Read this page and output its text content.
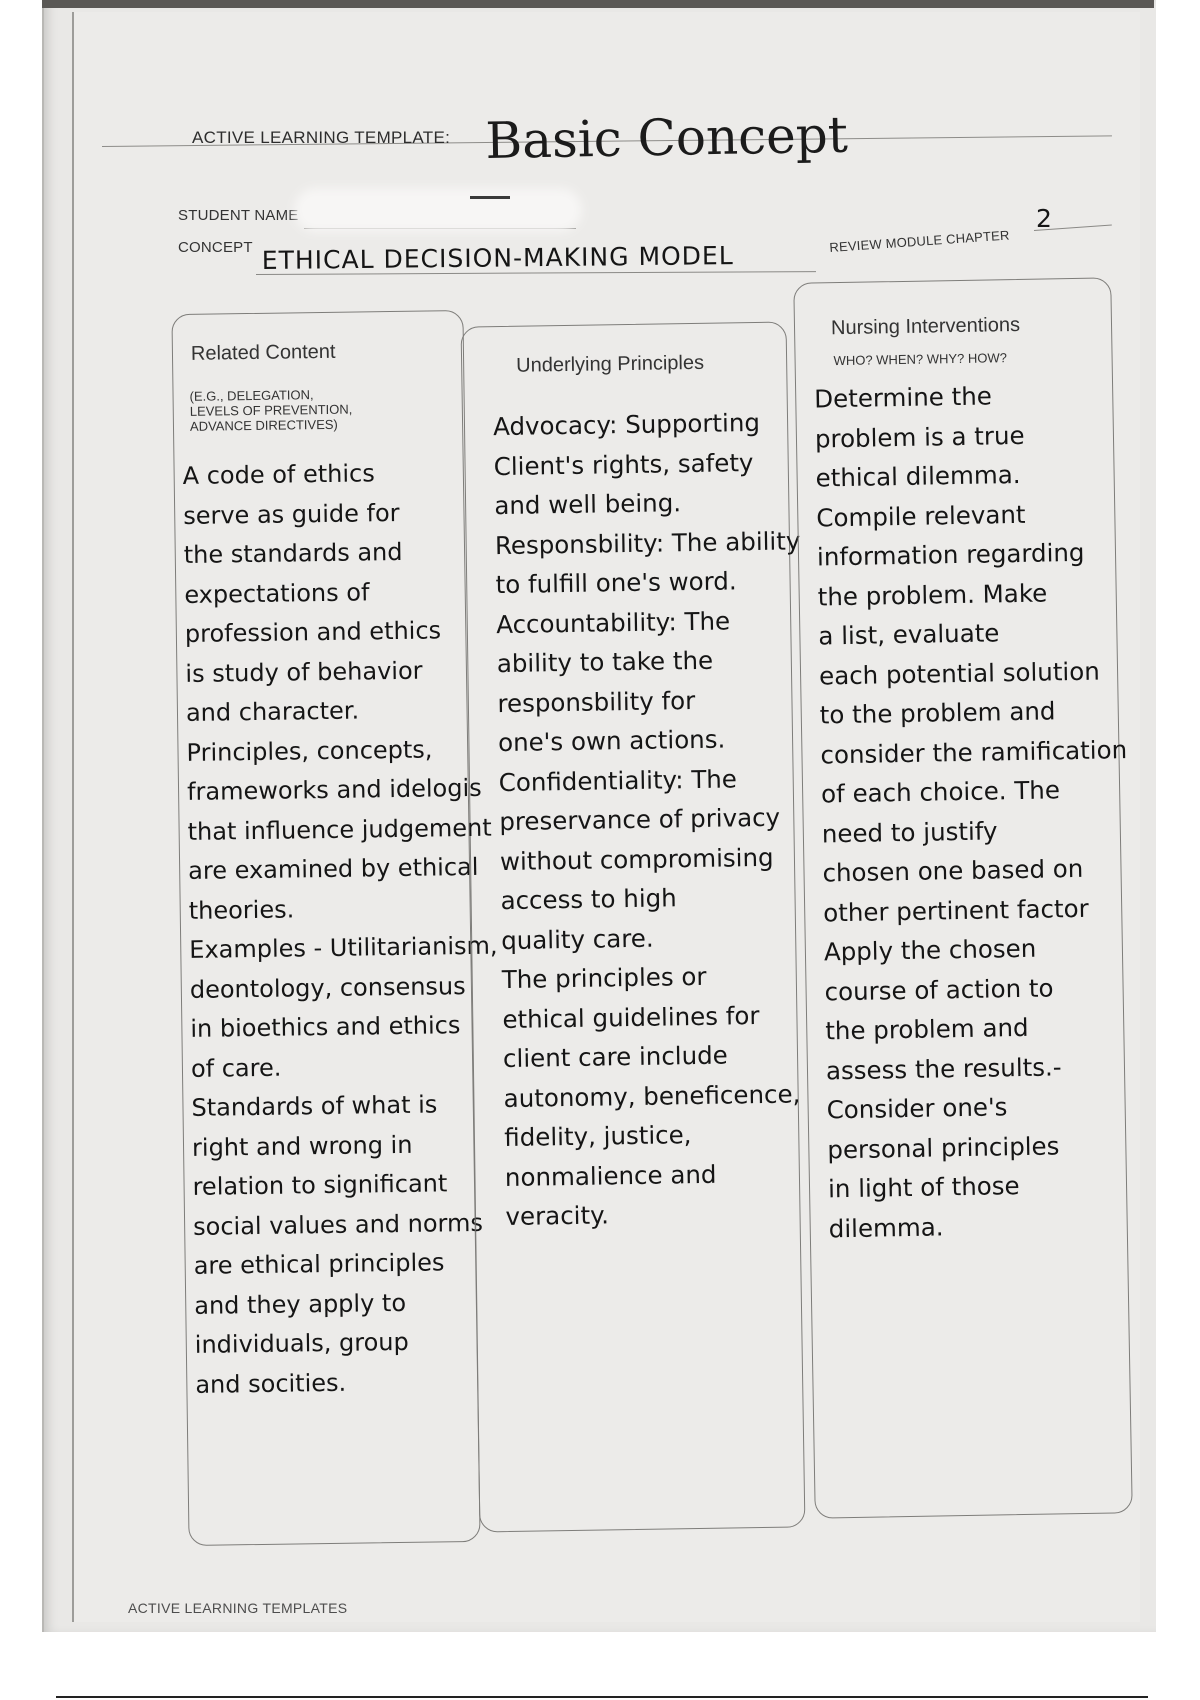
ACTIVE LEARNING TEMPLATE: Basic Concept
STUDENT NAME
CONCEPT ETHICAL DECISION-MAKING MODEL	REVIEW MODULE CHAPTER
2
Related Content
(E.G., DELEGATION,
LEVELS OF PREVENTION,
ADVANCE DIRECTIVES)
A code of ethics
serve as guide for
the standards and
expectations of
profession and ethics
is study of behavior
and character.
Principles, concepts,
frameworks and idelogis
that influence judgement
are examined by ethical
theories.
Examples - Utilitarianism,
deontology, consensus
in bioethics and ethics
of care.
Standards of what is
right and wrong in
relation to significant
social values and norms
are ethical principles
and they apply to
individuals, group
and socities.
Underlying Principles
Advocacy: Supporting
Client's rights, safety
and well being.
Responsbility: The ability
to fulfill one's word.
Accountability: The
ability to take the
responsbility for
one's own actions.
Confidentiality: The
preservance of privacy
without compromising
access to high
quality care.
The principles or
ethical guidelines for
client care include
autonomy, beneficence,
fidelity, justice,
nonmalience and
veracity.
Nursing Interventions
WHO? WHEN? WHY? HOW?
Determine the
problem is a true
ethical dilemma.
Compile relevant
information regarding
the problem. Make
a list, evaluate
each potential solution
to the problem and
consider the ramification
of each choice. The
need to justify
chosen one based on
other pertinent factor
Apply the chosen
course of action to
the problem and
assess the results.-
Consider one's
personal principles
in light of those
dilemma.
ACTIVE LEARNING TEMPLATES
